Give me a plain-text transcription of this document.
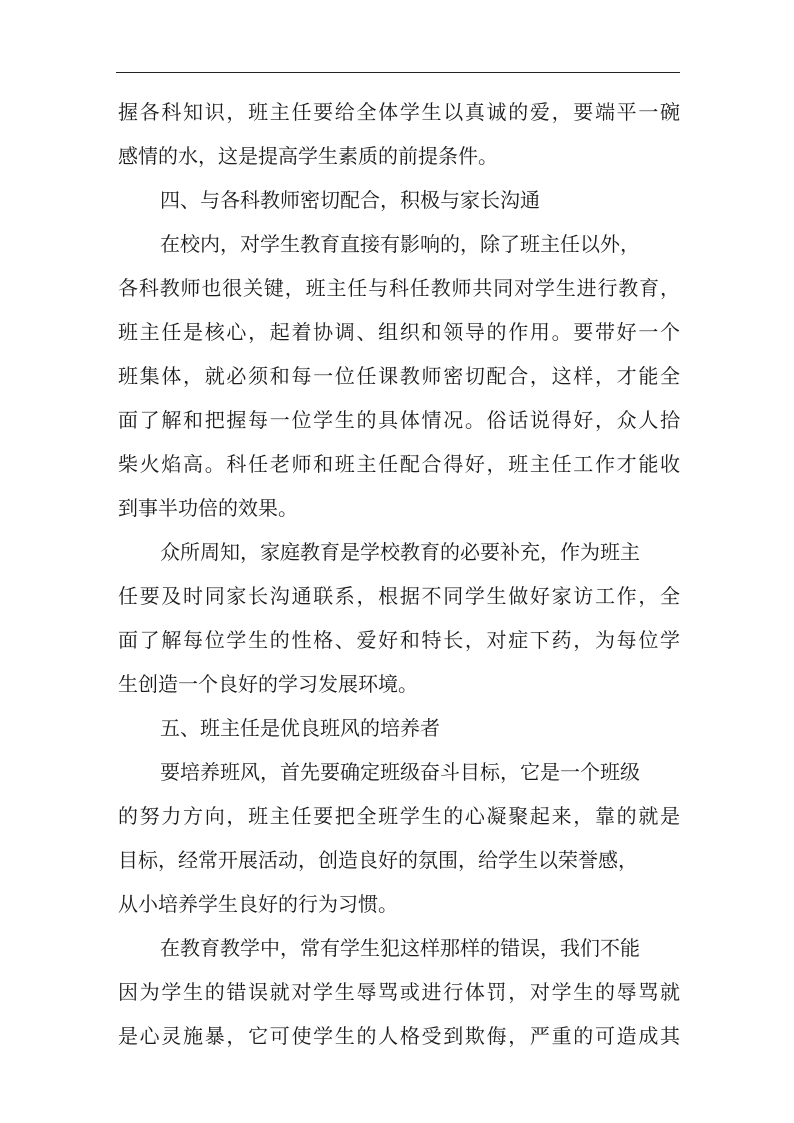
握各科知识，班主任要给全体学生以真诚的爱，要端平一碗
感情的水，这是提高学生素质的前提条件。
四、与各科教师密切配合，积极与家长沟通
在校内，对学生教育直接有影响的，除了班主任以外，
各科教师也很关键，班主任与科任教师共同对学生进行教育，
班主任是核心，起着协调、组织和领导的作用。要带好一个
班集体，就必须和每一位任课教师密切配合，这样，才能全
面了解和把握每一位学生的具体情况。俗话说得好，众人拾
柴火焰高。科任老师和班主任配合得好，班主任工作才能收
到事半功倍的效果。
众所周知，家庭教育是学校教育的必要补充，作为班主
任要及时同家长沟通联系，根据不同学生做好家访工作，全
面了解每位学生的性格、爱好和特长，对症下药，为每位学
生创造一个良好的学习发展环境。
五、班主任是优良班风的培养者
要培养班风，首先要确定班级奋斗目标，它是一个班级
的努力方向，班主任要把全班学生的心凝聚起来，靠的就是
目标，经常开展活动，创造良好的氛围，给学生以荣誉感，
从小培养学生良好的行为习惯。
在教育教学中，常有学生犯这样那样的错误，我们不能
因为学生的错误就对学生辱骂或进行体罚，对学生的辱骂就
是心灵施暴，它可使学生的人格受到欺侮，严重的可造成其
